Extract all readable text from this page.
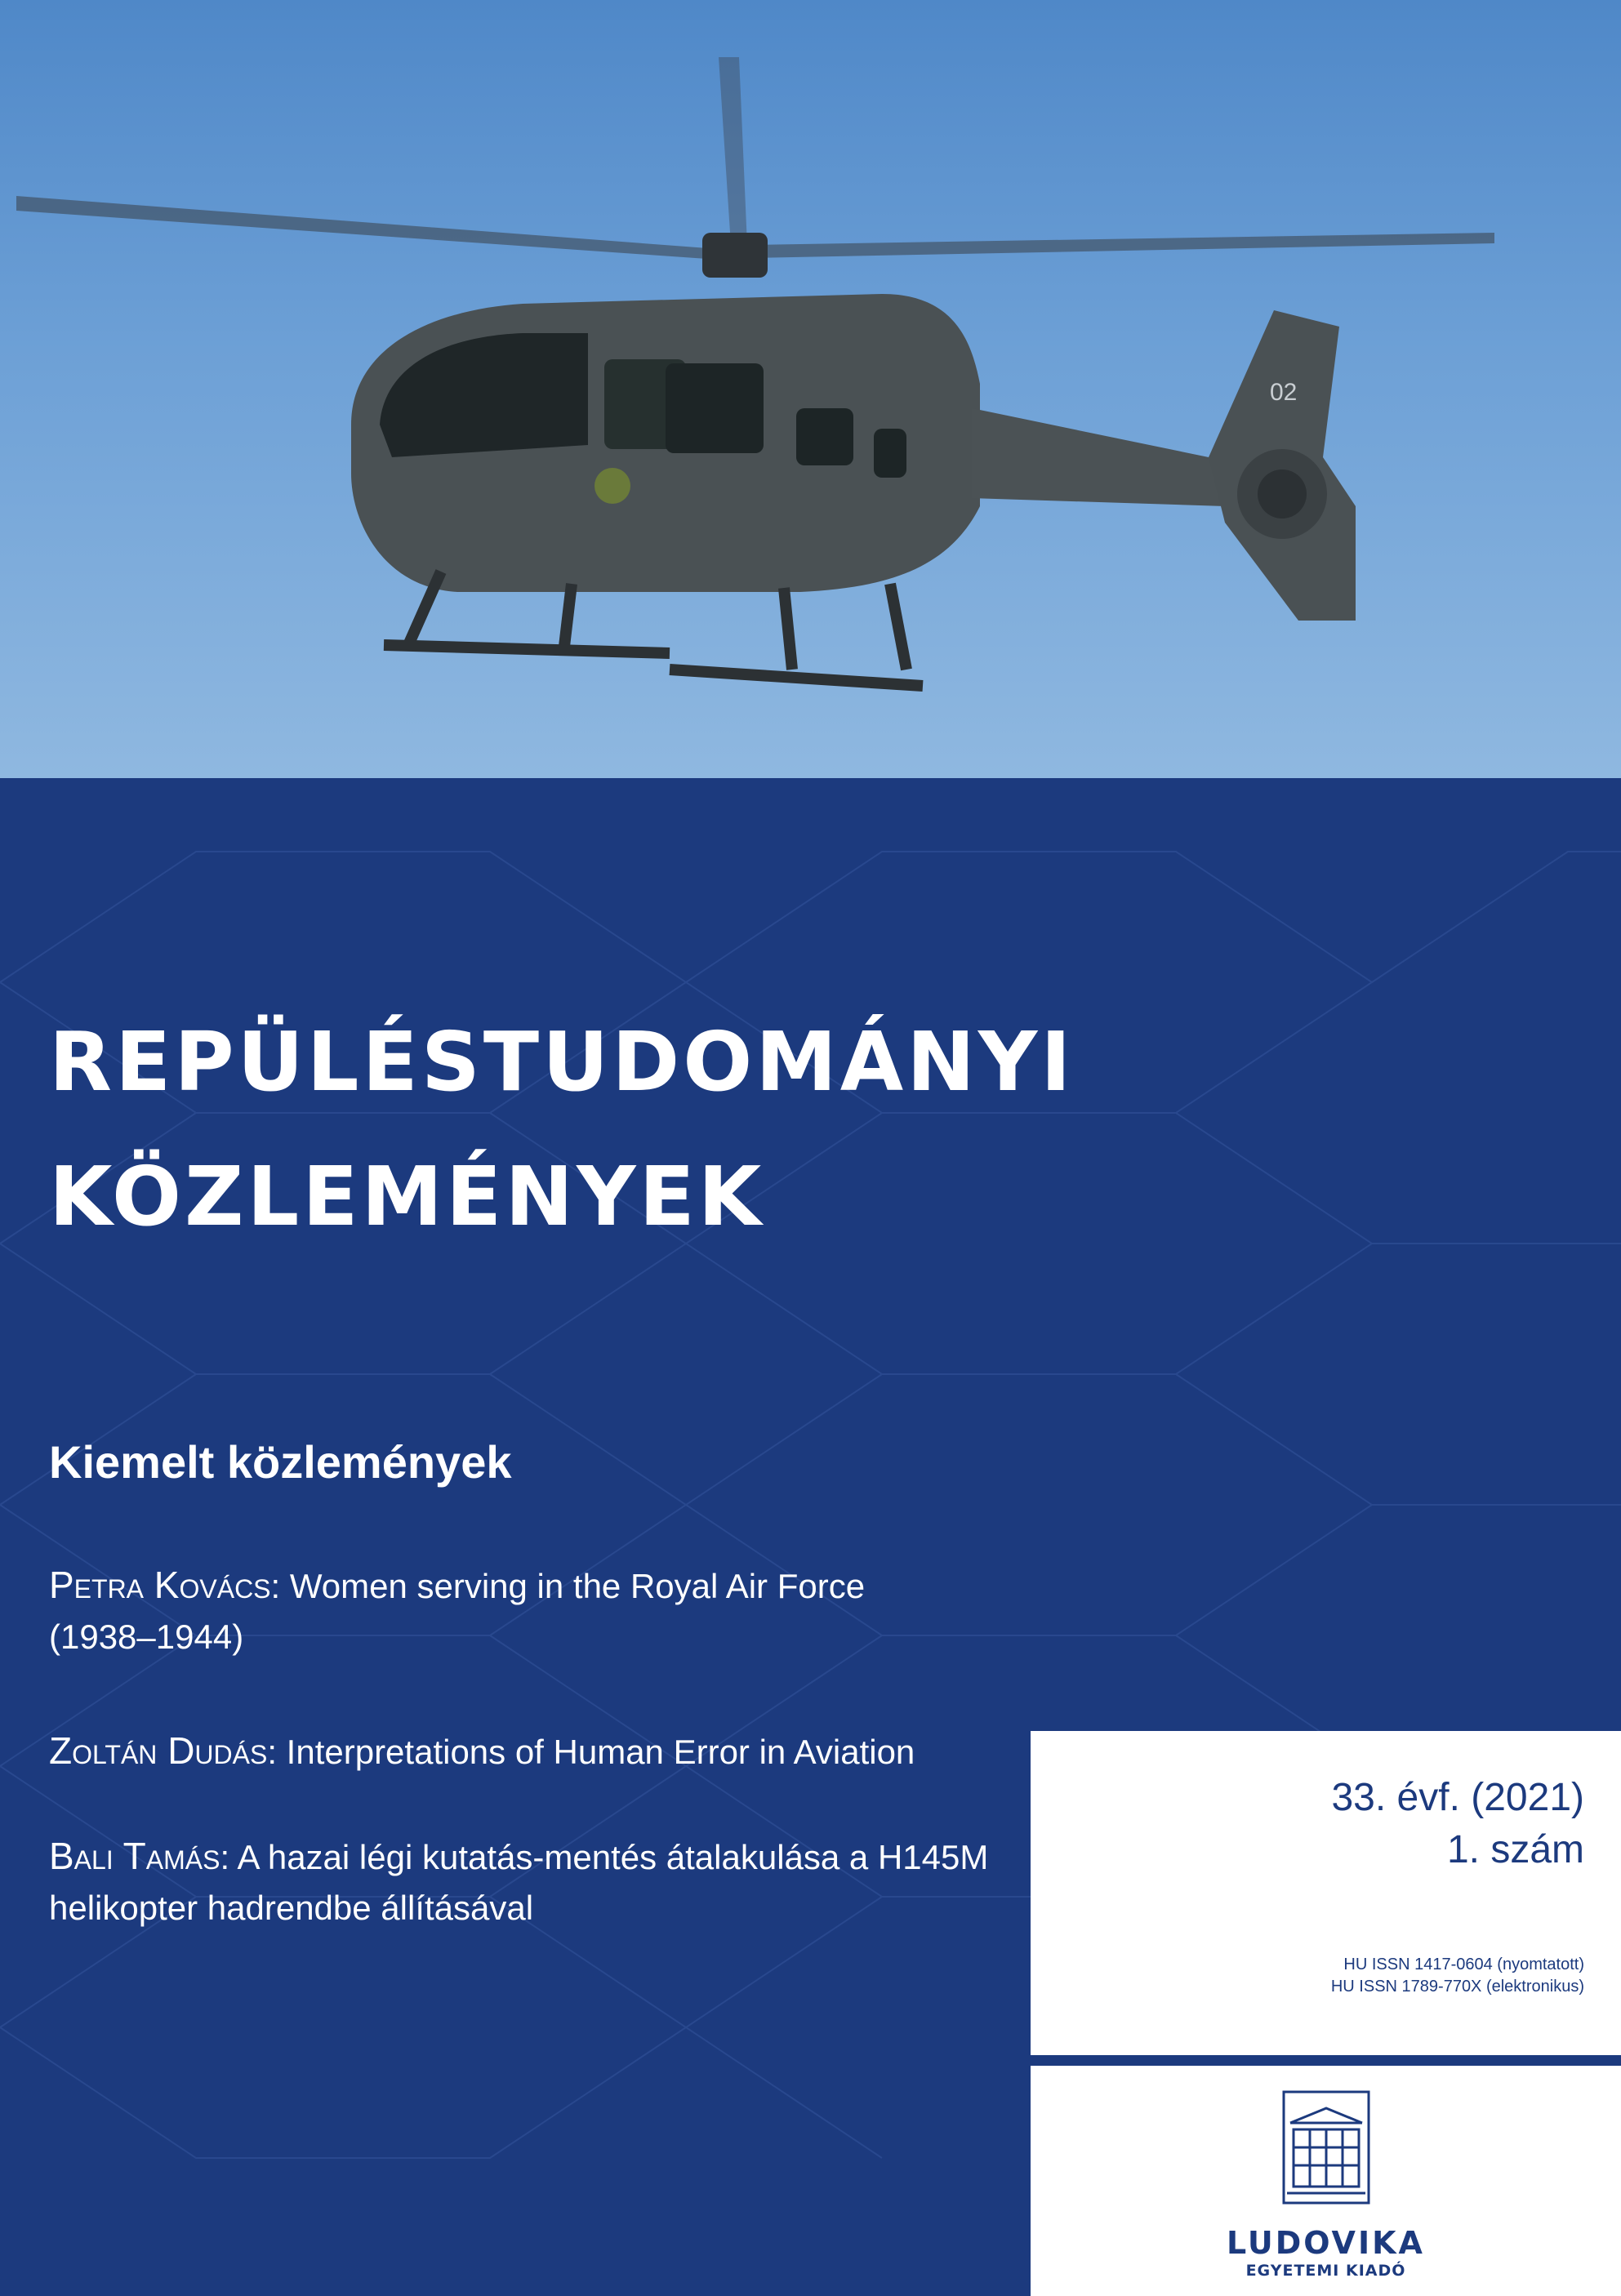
02
REPÜLÉSTUDOMÁNYI
KÖZLEMÉNYEK
Kiemelt közlemények
Petra Kovács: Women serving in the Royal Air Force
(1938–1944)
Zoltán Dudás: Interpretations of Human Error in Aviation
Bali Tamás: A hazai légi kutatás-mentés átalakulása a H145M
helikopter hadrendbe állításával
33. évf. (2021)
1. szám
HU ISSN 1417-0604 (nyomtatott)
HU ISSN 1789-770X (elektronikus)
LUDOVIKA
EGYETEMI KIADÓ
